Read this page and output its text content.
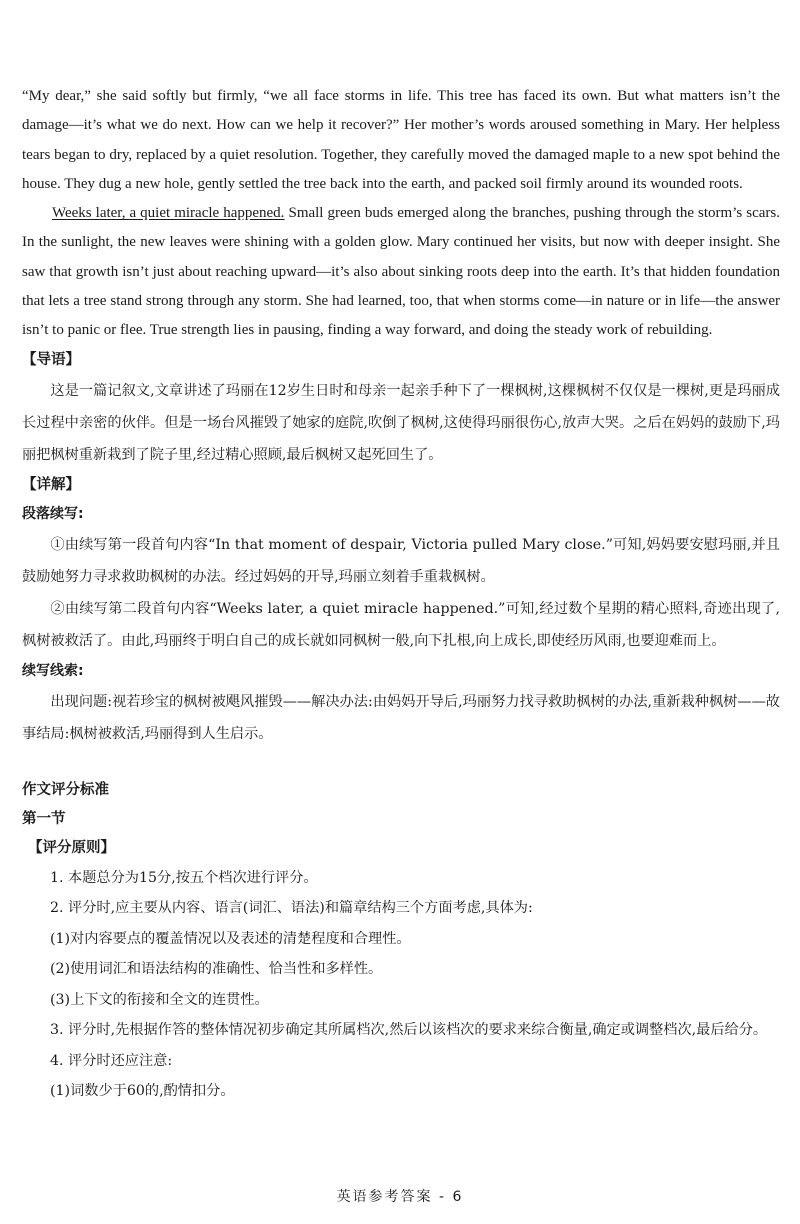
“My dear,” she said softly but firmly, “we all face storms in life. This tree has faced its own. But what matters isn’t the damage—it’s what we do next. How can we help it recover?” Her mother’s words aroused something in Mary. Her helpless tears began to dry, replaced by a quiet resolution. Together, they carefully moved the damaged maple to a new spot behind the house. They dug a new hole, gently settled the tree back into the earth, and packed soil firmly around its wounded roots.

Weeks later, a quiet miracle happened. Small green buds emerged along the branches, pushing through the storm’s scars. In the sunlight, the new leaves were shining with a golden glow. Mary continued her visits, but now with deeper insight. She saw that growth isn’t just about reaching upward—it’s also about sinking roots deep into the earth. It’s that hidden foundation that lets a tree stand strong through any storm. She had learned, too, that when storms come—in nature or in life—the answer isn’t to panic or flee. True strength lies in pausing, finding a way forward, and doing the steady work of rebuilding.

【导语】

这是一篇记叙文,文章讲述了玛丽在12岁生日时和母亲一起亲手种下了一棵枫树,这棵枫树不仅仅是一棵树,更是玛丽成长过程中亲密的伙伴。但是一场台风摧毁了她家的庭院,吹倒了枫树,这使得玛丽很伤心,放声大哭。之后在妈妈的鼓励下,玛丽把枫树重新栽到了院子里,经过精心照顾,最后枫树又起死回生了。

【详解】

段落续写:

①由续写第一段首句内容“In that moment of despair, Victoria pulled Mary close.”可知,妈妈要安慰玛丽,并且鼓励她努力寻求救助枫树的办法。经过妈妈的开导,玛丽立刻着手重栽枫树。

②由续写第二段首句内容“Weeks later, a quiet miracle happened.”可知,经过数个星期的精心照料,奇迹出现了,枫树被救活了。由此,玛丽终于明白自己的成长就如同枫树一般,向下扎根,向上成长,即使经历风雨,也要迎难而上。

续写线索:

出现问题:视若珍宝的枫树被飓风摧毁——解决办法:由妈妈开导后,玛丽努力找寻救助枫树的办法,重新栽种枫树——故事结局:枫树被救活,玛丽得到人生启示。

作文评分标准

第一节

【评分原则】

1. 本题总分为15分,按五个档次进行评分。

2. 评分时,应主要从内容、语言(词汇、语法)和篇章结构三个方面考虑,具体为:

(1)对内容要点的覆盖情况以及表述的清楚程度和合理性。

(2)使用词汇和语法结构的准确性、恰当性和多样性。

(3)上下文的衔接和全文的连贯性。

3. 评分时,先根据作答的整体情况初步确定其所属档次,然后以该档次的要求来综合衡量,确定或调整档次,最后给分。

4. 评分时还应注意:

(1)词数少于60的,酌情扣分。

英语参考答案 - 6
